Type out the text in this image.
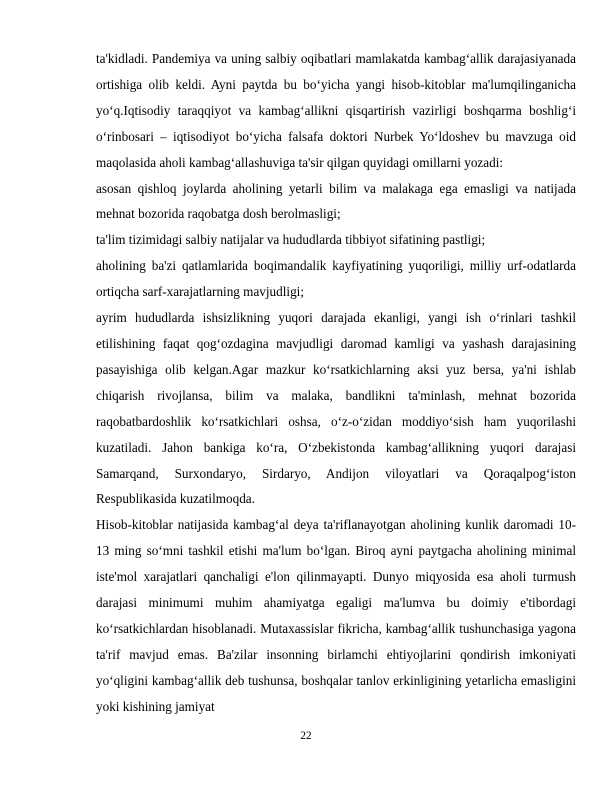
ta'kidladi. Pandemiya va uning salbiy oqibatlari mamlakatda kambag‘allik darajasiyanada ortishiga olib keldi. Ayni paytda bu bo‘yicha yangi hisob-kitoblar ma'lumqilinganicha yo‘q.Iqtisodiy taraqqiyot va kambag‘allikni qisqartirish vazirligi boshqarma boshlig‘i o‘rinbosari – iqtisodiyot bo‘yicha falsafa doktori Nurbek Yo‘ldoshev bu mavzuga oid maqolasida aholi kambag‘allashuviga ta'sir qilgan quyidagi omillarni yozadi:

asosan qishloq joylarda aholining yetarli bilim va malakaga ega emasligi va natijada mehnat bozorida raqobatga dosh berolmasligi;

ta'lim tizimidagi salbiy natijalar va hududlarda tibbiyot sifatining pastligi;

aholining ba'zi qatlamlarida boqimandalik kayfiyatining yuqoriligi, milliy urf-odatlarda ortiqcha sarf-xarajatlarning mavjudligi;

ayrim hududlarda ishsizlikning yuqori darajada ekanligi, yangi ish o‘rinlari tashkil etilishining faqat qog‘ozdagina mavjudligi daromad kamligi va yashash darajasining pasayishiga olib kelgan.Agar mazkur ko‘rsatkichlarning aksi yuz bersa, ya'ni ishlab chiqarish rivojlansa, bilim va malaka, bandlikni ta'minlash, mehnat bozorida raqobatbardoshlik ko‘rsatkichlari oshsa, o‘z-o‘zidan moddiyo‘sish ham yuqorilashi kuzatiladi. Jahon bankiga ko‘ra, O‘zbekistonda kambag‘allikning yuqori darajasi Samarqand, Surxondaryo, Sirdaryo, Andijon viloyatlari va Qoraqalpog‘iston Respublikasida kuzatilmoqda.

Hisob-kitoblar natijasida kambag‘al deya ta'riflanayotgan aholining kunlik daromadi 10-13 ming so‘mni tashkil etishi ma'lum bo‘lgan. Biroq ayni paytgacha aholining minimal iste'mol xarajatlari qanchaligi e'lon qilinmayapti. Dunyo miqyosida esa aholi turmush darajasi minimumi muhim ahamiyatga egaligi ma'lumva bu doimiy e'tibordagi ko‘rsatkichlardan hisoblanadi. Mutaxassislar fikricha, kambag‘allik tushunchasiga yagona ta'rif mavjud emas. Ba'zilar insonning birlamchi ehtiyojlarini qondirish imkoniyati yo‘qligini kambag‘allik deb tushunsa, boshqalar tanlov erkinligining yetarlicha emasligini yoki kishining jamiyat

22
